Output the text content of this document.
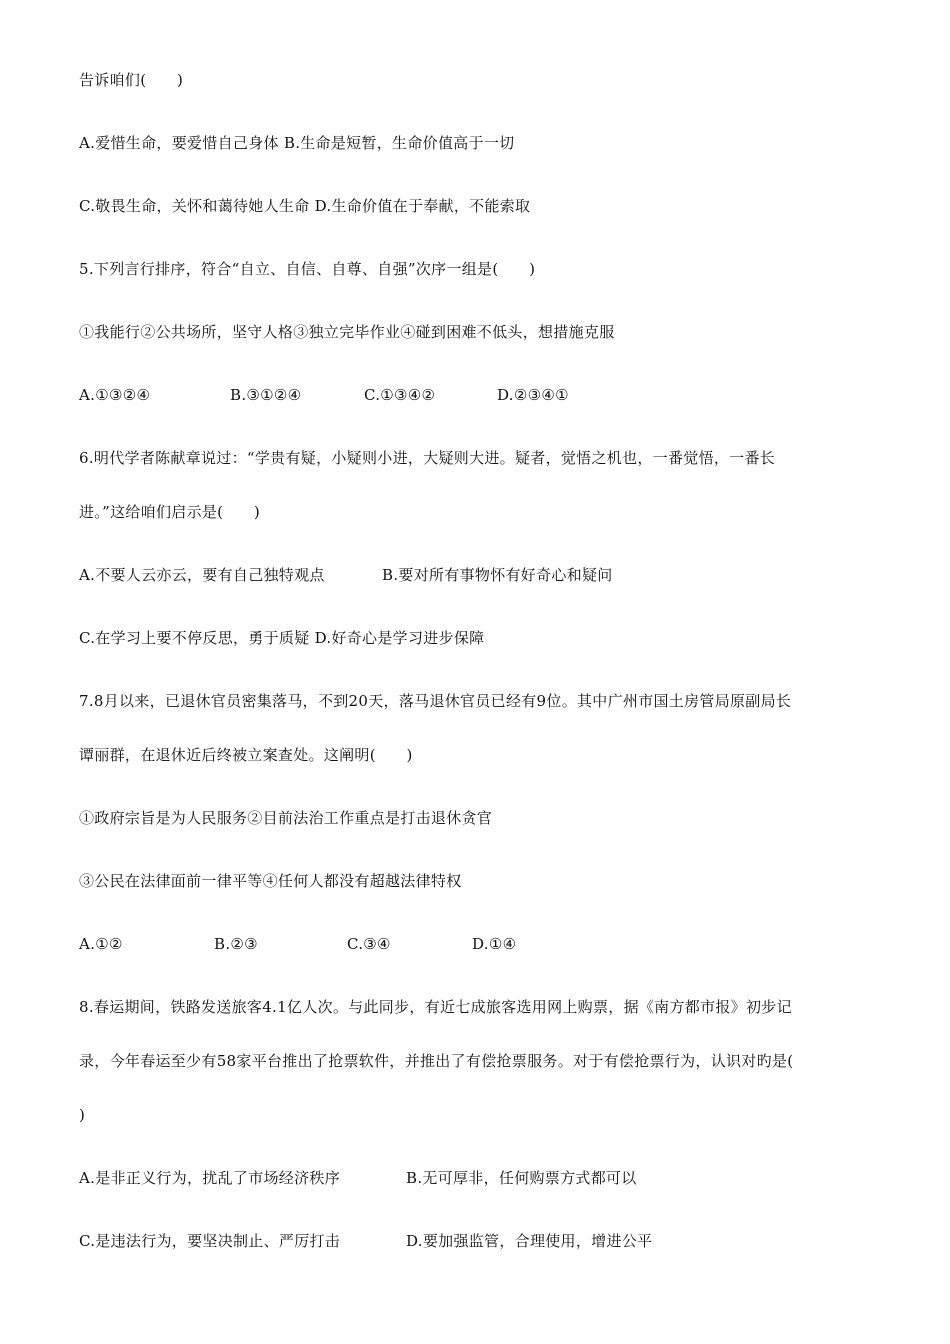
告诉咱们(　　)
A.爱惜生命，要爱惜自己身体 B.生命是短暂，生命价值高于一切
C.敬畏生命，关怀和蔼待她人生命 D.生命价值在于奉献，不能索取
5.下列言行排序，符合“自立、自信、自尊、自强”次序一组是(　　)
①我能行②公共场所，坚守人格③独立完毕作业④碰到困难不低头，想措施克服
A.①③②④	B.③①②④	C.①③④②	D.②③④①
6.明代学者陈献章说过：“学贵有疑，小疑则小进，大疑则大进。疑者，觉悟之机也，一番觉悟，一番长
进。”这给咱们启示是(　　)
A.不要人云亦云，要有自己独特观点	B.要对所有事物怀有好奇心和疑问
C.在学习上要不停反思，勇于质疑 D.好奇心是学习进步保障
7.8月以来，已退休官员密集落马，不到20天，落马退休官员已经有9位。其中广州市国土房管局原副局长
谭丽群，在退休近后终被立案查处。这阐明(　　)
①政府宗旨是为人民服务②目前法治工作重点是打击退休贪官
③公民在法律面前一律平等④任何人都没有超越法律特权
A.①②	B.②③	C.③④	D.①④
8.春运期间，铁路发送旅客4.1亿人次。与此同步，有近七成旅客选用网上购票，据《南方都市报》初步记
录，今年春运至少有58家平台推出了抢票软件，并推出了有偿抢票服务。对于有偿抢票行为，认识对旳是(
)
A.是非正义行为，扰乱了市场经济秩序	B.无可厚非，任何购票方式都可以
C.是违法行为，要坚决制止、严厉打击	D.要加强监管，合理使用，增进公平
